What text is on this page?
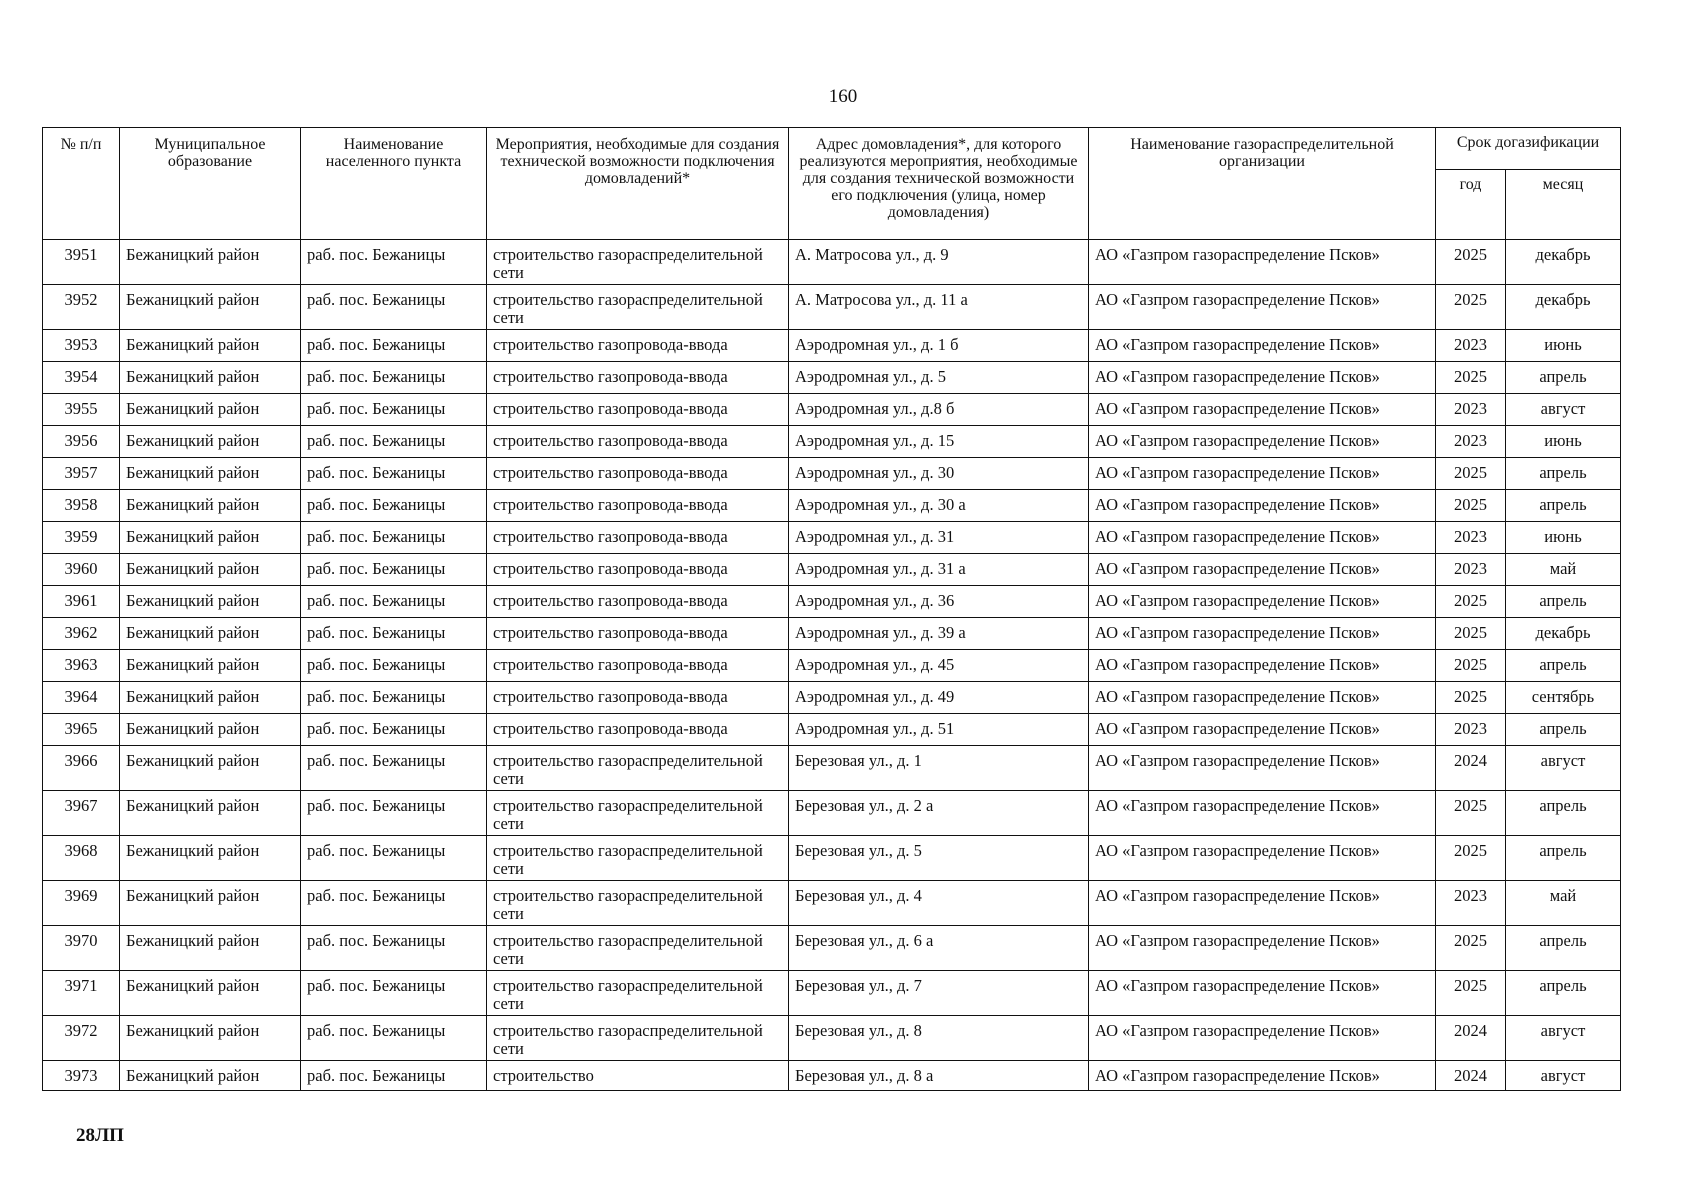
160
№ п/п	Муниципальное образование	Наименование населенного пункта	Мероприятия, необходимые для создания технической возможности подключения домовладений*	Адрес домовладения*, для которого реализуются мероприятия, необходимые для создания технической возможности его подключения (улица, номер домовладения)	Наименование газораспределительной организации	Срок догазификации	
						год	месяц
3951	Бежаницкий район	раб. пос. Бежаницы	строительство газораспределительной сети	А. Матросова ул., д. 9	АО «Газпром газораспределение Псков»	2025	декабрь
3952	Бежаницкий район	раб. пос. Бежаницы	строительство газораспределительной сети	А. Матросова ул., д. 11 а	АО «Газпром газораспределение Псков»	2025	декабрь
3953	Бежаницкий район	раб. пос. Бежаницы	строительство газопровода-ввода	Аэродромная ул., д. 1 б	АО «Газпром газораспределение Псков»	2023	июнь
3954	Бежаницкий район	раб. пос. Бежаницы	строительство газопровода-ввода	Аэродромная ул., д. 5	АО «Газпром газораспределение Псков»	2025	апрель
3955	Бежаницкий район	раб. пос. Бежаницы	строительство газопровода-ввода	Аэродромная ул., д.8 б	АО «Газпром газораспределение Псков»	2023	август
3956	Бежаницкий район	раб. пос. Бежаницы	строительство газопровода-ввода	Аэродромная ул., д. 15	АО «Газпром газораспределение Псков»	2023	июнь
3957	Бежаницкий район	раб. пос. Бежаницы	строительство газопровода-ввода	Аэродромная ул., д. 30	АО «Газпром газораспределение Псков»	2025	апрель
3958	Бежаницкий район	раб. пос. Бежаницы	строительство газопровода-ввода	Аэродромная ул., д. 30 а	АО «Газпром газораспределение Псков»	2025	апрель
3959	Бежаницкий район	раб. пос. Бежаницы	строительство газопровода-ввода	Аэродромная ул., д. 31	АО «Газпром газораспределение Псков»	2023	июнь
3960	Бежаницкий район	раб. пос. Бежаницы	строительство газопровода-ввода	Аэродромная ул., д. 31 а	АО «Газпром газораспределение Псков»	2023	май
3961	Бежаницкий район	раб. пос. Бежаницы	строительство газопровода-ввода	Аэродромная ул., д. 36	АО «Газпром газораспределение Псков»	2025	апрель
3962	Бежаницкий район	раб. пос. Бежаницы	строительство газопровода-ввода	Аэродромная ул., д. 39 а	АО «Газпром газораспределение Псков»	2025	декабрь
3963	Бежаницкий район	раб. пос. Бежаницы	строительство газопровода-ввода	Аэродромная ул., д. 45	АО «Газпром газораспределение Псков»	2025	апрель
3964	Бежаницкий район	раб. пос. Бежаницы	строительство газопровода-ввода	Аэродромная ул., д. 49	АО «Газпром газораспределение Псков»	2025	сентябрь
3965	Бежаницкий район	раб. пос. Бежаницы	строительство газопровода-ввода	Аэродромная ул., д. 51	АО «Газпром газораспределение Псков»	2023	апрель
3966	Бежаницкий район	раб. пос. Бежаницы	строительство газораспределительной сети	Березовая ул., д. 1	АО «Газпром газораспределение Псков»	2024	август
3967	Бежаницкий район	раб. пос. Бежаницы	строительство газораспределительной сети	Березовая ул., д. 2 а	АО «Газпром газораспределение Псков»	2025	апрель
3968	Бежаницкий район	раб. пос. Бежаницы	строительство газораспределительной сети	Березовая ул., д. 5	АО «Газпром газораспределение Псков»	2025	апрель
3969	Бежаницкий район	раб. пос. Бежаницы	строительство газораспределительной сети	Березовая ул., д. 4	АО «Газпром газораспределение Псков»	2023	май
3970	Бежаницкий район	раб. пос. Бежаницы	строительство газораспределительной сети	Березовая ул., д. 6 а	АО «Газпром газораспределение Псков»	2025	апрель
3971	Бежаницкий район	раб. пос. Бежаницы	строительство газораспределительной сети	Березовая ул., д. 7	АО «Газпром газораспределение Псков»	2025	апрель
3972	Бежаницкий район	раб. пос. Бежаницы	строительство газораспределительной сети	Березовая ул., д. 8	АО «Газпром газораспределение Псков»	2024	август
3973	Бежаницкий район	раб. пос. Бежаницы	строительство	Березовая ул., д. 8 а	АО «Газпром газораспределение Псков»	2024	август
28ЛП
